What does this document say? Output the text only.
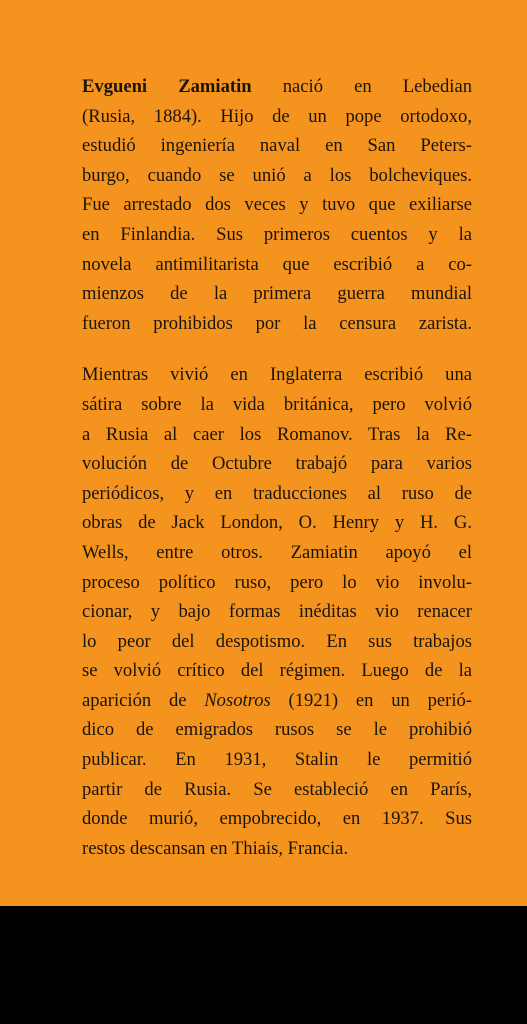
Evgueni Zamiatin nació en Lebedian
(Rusia, 1884). Hijo de un pope ortodoxo,
estudió ingeniería naval en San Peters-
burgo, cuando se unió a los bolcheviques.
Fue arrestado dos veces y tuvo que exiliarse
en Finlandia. Sus primeros cuentos y la
novela antimilitarista que escribió a co-
mienzos de la primera guerra mundial
fueron prohibidos por la censura zarista.
Mientras vivió en Inglaterra escribió una
sátira sobre la vida británica, pero volvió
a Rusia al caer los Romanov. Tras la Re-
volución de Octubre trabajó para varios
periódicos, y en traducciones al ruso de
obras de Jack London, O. Henry y H. G.
Wells, entre otros. Zamiatin apoyó el
proceso político ruso, pero lo vio involu-
cionar, y bajo formas inéditas vio renacer
lo peor del despotismo. En sus trabajos
se volvió crítico del régimen. Luego de la
aparición de Nosotros (1921) en un perió-
dico de emigrados rusos se le prohibió
publicar. En 1931, Stalin le permitió
partir de Rusia. Se estableció en París,
donde murió, empobrecido, en 1937. Sus
restos descansan en Thiais, Francia.
